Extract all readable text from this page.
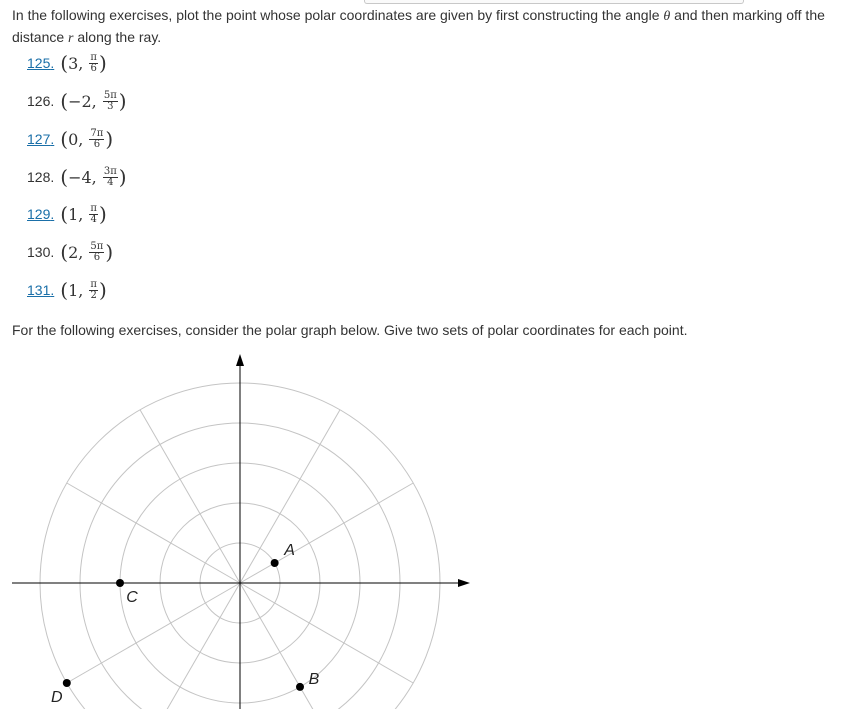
In the following exercises, plot the point whose polar coordinates are given by first constructing the angle θ and then marking off the distance r along the ray.
125. ( 3 , $\frac{\pi}{6}$ )
126. ( −2 , $\frac{5\pi}{3}$ )
127. ( 0 , $\frac{7\pi}{6}$ )
128. ( −4 , $\frac{3\pi}{4}$ )
129. ( 1 , $\frac{\pi}{4}$ )
130. ( 2 , $\frac{5\pi}{6}$ )
131. ( 1 , $\frac{\pi}{2}$ )
For the following exercises, consider the polar graph below. Give two sets of polar coordinates for each point.
A
B
C
D
